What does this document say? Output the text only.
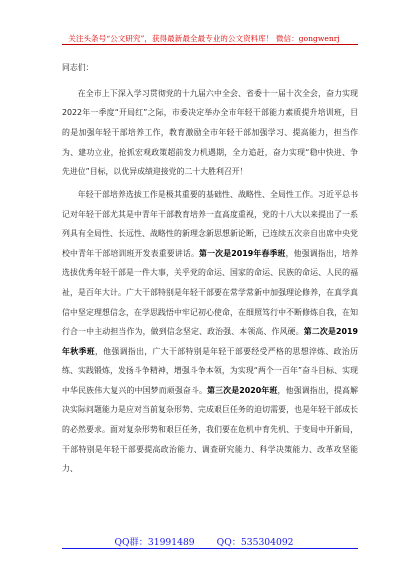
关注头条号“公文研究”，获得最新最全最专业的公文资料库！ 微信：gongwenrj

同志们：

在全市上下深入学习贯彻党的十九届六中全会、省委十一届十次全会，奋力实现2022年一季度“开局红”之际，市委决定举办全市年轻干部能力素质提升培训班，目的是加强年轻干部培养工作，教育激励全市年轻干部加强学习、提高能力，担当作为、建功立业，抢抓宏观政策超前发力机遇期，全力追赶，奋力实现“稳中快进、争先进位”目标，以优异成绩迎接党的二十大胜利召开！

年轻干部培养选拔工作是极其重要的基础性、战略性、全局性工作。习近平总书记对年轻干部尤其是中青年干部教育培养一直高度重视，党的十八大以来提出了一系列具有全局性、长远性、战略性的新理念新思想新论断，已连续五次亲自出席中央党校中青年干部培训班开发表重要讲话。第一次是2019年春季班，他强调指出，培养选拔优秀年轻干部是一件大事，关乎党的命运、国家的命运、民族的命运、人民的福祉，是百年大计。广大干部特别是年轻干部要在常学常新中加强理论修养，在真学真信中坚定理想信念，在学思践悟中牢记初心使命，在细照笃行中不断修炼自我，在知行合一中主动担当作为，做到信念坚定、政治强、本领高、作风硬。第二次是2019年秋季班，他强调指出，广大干部特别是年轻干部要经受严格的思想淬炼、政治历练、实践锻炼，发扬斗争精神，增强斗争本领，为实现“两个一百年”奋斗目标、实现中华民族伟大复兴的中国梦而顽强奋斗。第三次是2020年班，他强调指出，提高解决实际问题能力是应对当前复杂形势、完成艰巨任务的迫切需要，也是年轻干部成长的必然要求。面对复杂形势和艰巨任务，我们要在危机中育先机、于变局中开新局，干部特别是年轻干部要提高政治能力、调查研究能力、科学决策能力、改革攻坚能力、

QQ群：31991489 QQ：535304092
